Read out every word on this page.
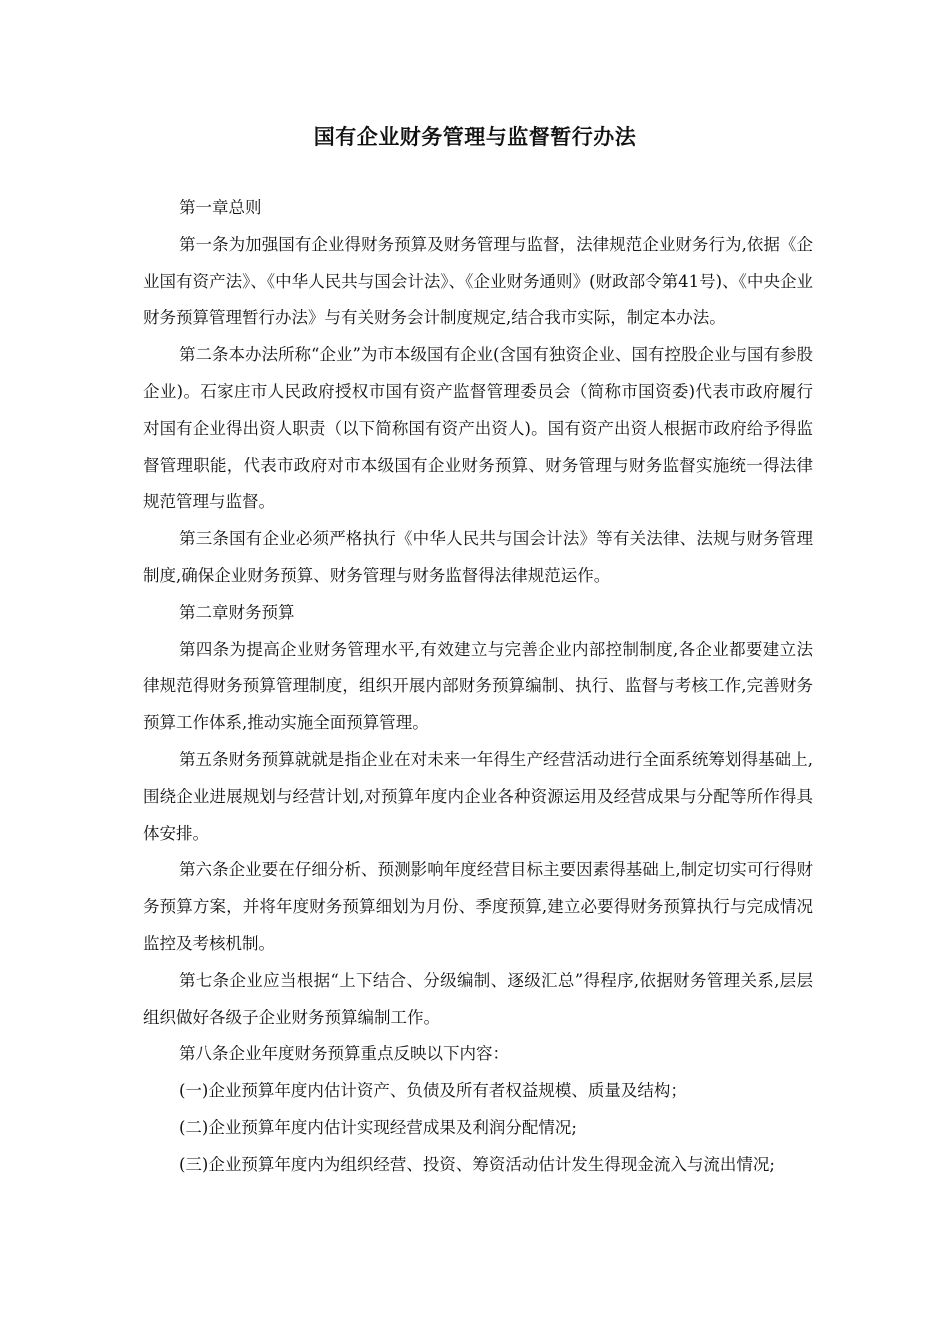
国有企业财务管理与监督暂行办法

第一章总则

第一条为加强国有企业得财务预算及财务管理与监督，法律规范企业财务行为,依据《企业国有资产法》、《中华人民共与国会计法》、《企业财务通则》(财政部令第41号)、《中央企业财务预算管理暂行办法》与有关财务会计制度规定,结合我市实际，制定本办法。

第二条本办法所称“企业”为市本级国有企业(含国有独资企业、国有控股企业与国有参股企业)。石家庄市人民政府授权市国有资产监督管理委员会（简称市国资委)代表市政府履行对国有企业得出资人职责（以下简称国有资产出资人)。国有资产出资人根据市政府给予得监督管理职能，代表市政府对市本级国有企业财务预算、财务管理与财务监督实施统一得法律规范管理与监督。

第三条国有企业必须严格执行《中华人民共与国会计法》等有关法律、法规与财务管理制度,确保企业财务预算、财务管理与财务监督得法律规范运作。

第二章财务预算

第四条为提高企业财务管理水平,有效建立与完善企业内部控制制度,各企业都要建立法律规范得财务预算管理制度，组织开展内部财务预算编制、执行、监督与考核工作,完善财务预算工作体系,推动实施全面预算管理。

第五条财务预算就就是指企业在对未来一年得生产经营活动进行全面系统筹划得基础上,围绕企业进展规划与经营计划,对预算年度内企业各种资源运用及经营成果与分配等所作得具体安排。

第六条企业要在仔细分析、预测影响年度经营目标主要因素得基础上,制定切实可行得财务预算方案，并将年度财务预算细划为月份、季度预算,建立必要得财务预算执行与完成情况监控及考核机制。

第七条企业应当根据“上下结合、分级编制、逐级汇总”得程序,依据财务管理关系,层层组织做好各级子企业财务预算编制工作。

第八条企业年度财务预算重点反映以下内容：

(一)企业预算年度内估计资产、负债及所有者权益规模、质量及结构；

(二)企业预算年度内估计实现经营成果及利润分配情况;

(三)企业预算年度内为组织经营、投资、筹资活动估计发生得现金流入与流出情况;
